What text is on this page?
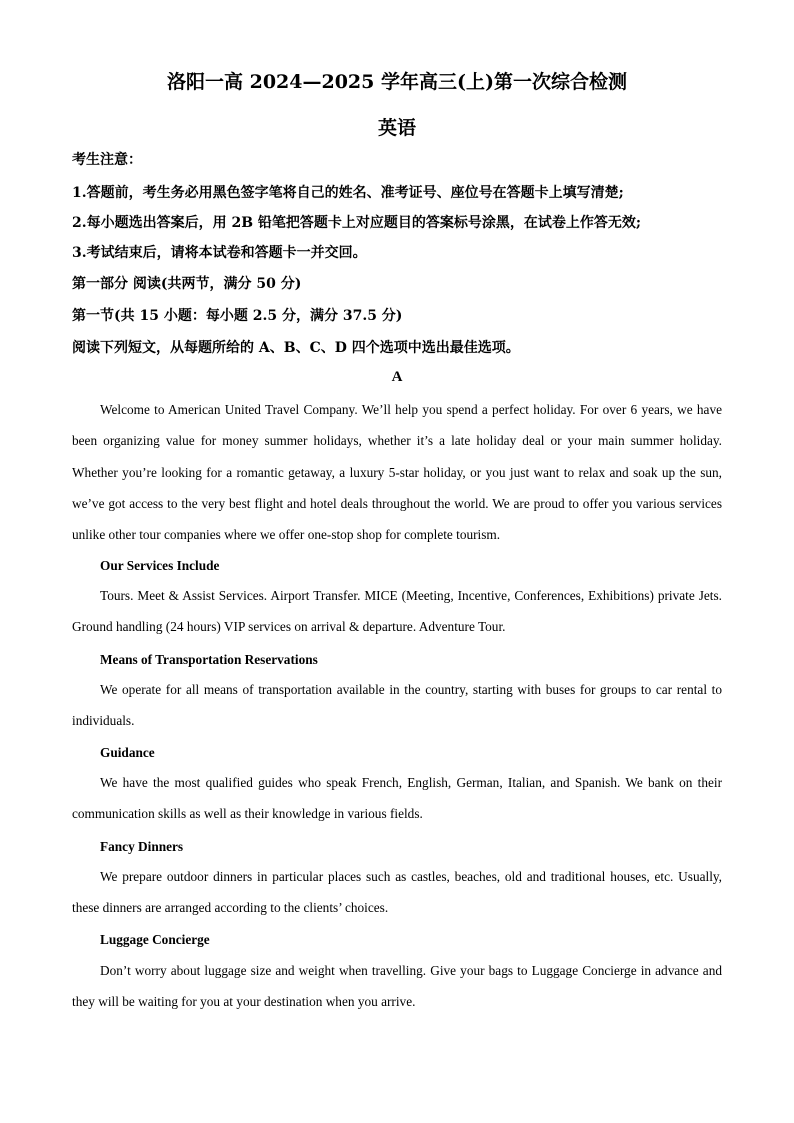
洛阳一高 2024—2025 学年高三(上)第一次综合检测
英语
考生注意：
1.答题前，考生务必用黑色签字笔将自己的姓名、准考证号、座位号在答题卡上填写清楚;
2.每小题选出答案后，用 2B 铅笔把答题卡上对应题目的答案标号涂黑，在试卷上作答无效;
3.考试结束后，请将本试卷和答题卡一并交回。
第一部分 阅读(共两节，满分 50 分)
第一节(共 15 小题：每小题 2.5 分，满分 37.5 分)
阅读下列短文，从每题所给的 A、B、C、D 四个选项中选出最佳选项。
A

Welcome to American United Travel Company. We’ll help you spend a perfect holiday. For over 6 years, we have been organizing value for money summer holidays, whether it’s a late holiday deal or your main summer holiday. Whether you’re looking for a romantic getaway, a luxury 5-star holiday, or you just want to relax and soak up the sun, we’ve got access to the very best flight and hotel deals throughout the world. We are proud to offer you various services unlike other tour companies where we offer one-stop shop for complete tourism.

Our Services Include

Tours. Meet & Assist Services. Airport Transfer. MICE (Meeting, Incentive, Conferences, Exhibitions) private Jets. Ground handling (24 hours) VIP services on arrival & departure. Adventure Tour.

Means of Transportation Reservations

We operate for all means of transportation available in the country, starting with buses for groups to car rental to individuals.

Guidance

We have the most qualified guides who speak French, English, German, Italian, and Spanish. We bank on their communication skills as well as their knowledge in various fields.

Fancy Dinners

We prepare outdoor dinners in particular places such as castles, beaches, old and traditional houses, etc. Usually, these dinners are arranged according to the clients’ choices.

Luggage Concierge

Don’t worry about luggage size and weight when travelling. Give your bags to Luggage Concierge in advance and they will be waiting for you at your destination when you arrive.
